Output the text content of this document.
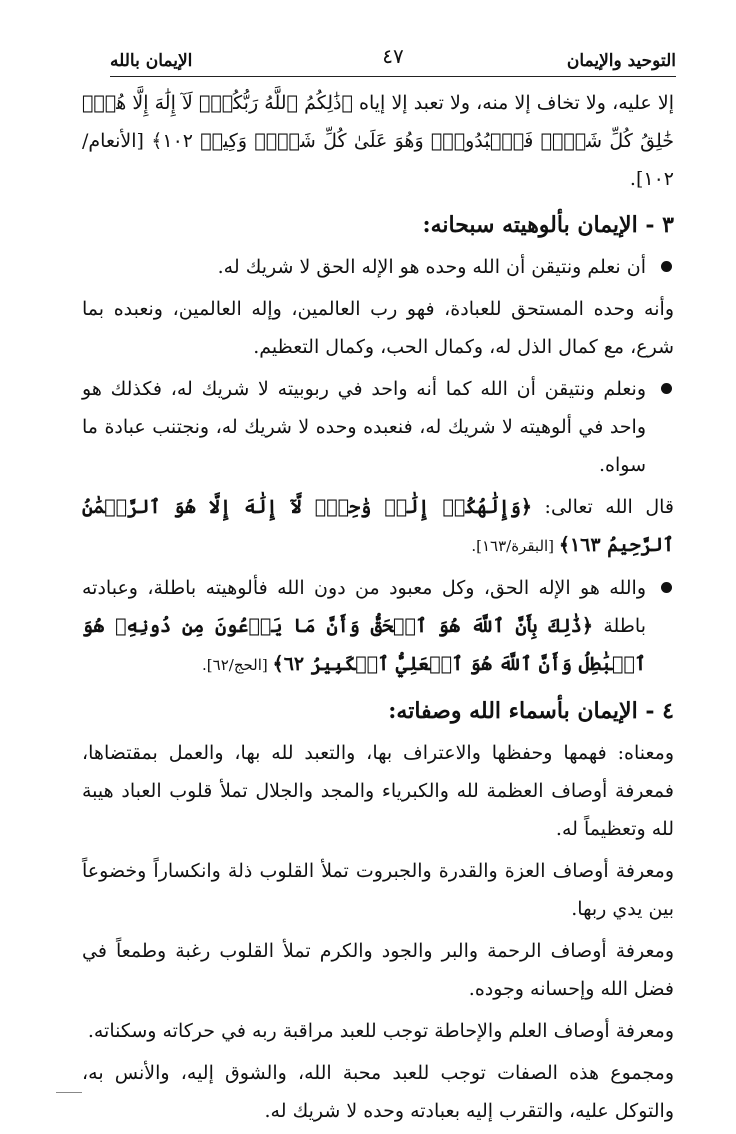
التوحيد والإيمان
٤٧
الإيمان بالله

إلا عليه، ولا تخاف إلا منه، ولا تعبد إلا إياه ﴿ذَٰلِكُمُ ٱللَّهُ رَبُّكُمۡۖ لَآ إِلَٰهَ إِلَّا هُوَۖ خَٰلِقُ كُلِّ شَيۡءٖ فَٱعۡبُدُوهُۚ وَهُوَ عَلَىٰ كُلِّ شَيۡءٖ وَكِيلٞ ١٠٢﴾ [الأنعام/١٠٢].

٣ - الإيمان بألوهيته سبحانه:
أن نعلم ونتيقن أن الله وحده هو الإله الحق لا شريك له.

وأنه وحده المستحق للعبادة، فهو رب العالمين، وإله العالمين، ونعبده بما شرع، مع كمال الذل له، وكمال الحب، وكمال التعظيم.

ونعلم ونتيقن أن الله كما أنه واحد في ربوبيته لا شريك له، فكذلك هو واحد في ألوهيته لا شريك له، فنعبده وحده لا شريك له، ونجتنب عبادة ما سواه.

قال الله تعالى: ﴿وَإِلَٰهُكُمۡ إِلَٰهٞ وَٰحِدٞۖ لَّآ إِلَٰهَ إِلَّا هُوَ ٱلرَّحۡمَٰنُ ٱلرَّحِيمُ ١٦٣﴾ [البقرة/١٦٣].

والله هو الإله الحق، وكل معبود من دون الله فألوهيته باطلة، وعبادته باطلة ﴿ذَٰلِكَ بِأَنَّ ٱللَّهَ هُوَ ٱلۡحَقُّ وَأَنَّ مَا يَدۡعُونَ مِن دُونِهِۦ هُوَ ٱلۡبَٰطِلُ وَأَنَّ ٱللَّهَ هُوَ ٱلۡعَلِيُّ ٱلۡكَبِيرُ ٦٢﴾ [الحج/٦٢].
٤ - الإيمان بأسماء الله وصفاته:

ومعناه: فهمها وحفظها والاعتراف بها، والتعبد لله بها، والعمل بمقتضاها، فمعرفة أوصاف العظمة لله والكبرياء والمجد والجلال تملأ قلوب العباد هيبة لله وتعظيماً له.

ومعرفة أوصاف العزة والقدرة والجبروت تملأ القلوب ذلة وانكساراً وخضوعاً بين يدي ربها.

ومعرفة أوصاف الرحمة والبر والجود والكرم تملأ القلوب رغبة وطمعاً في فضل الله وإحسانه وجوده.

ومعرفة أوصاف العلم والإحاطة توجب للعبد مراقبة ربه في حركاته وسكناته.

ومجموع هذه الصفات توجب للعبد محبة الله، والشوق إليه، والأنس به، والتوكل عليه، والتقرب إليه بعبادته وحده لا شريك له.
